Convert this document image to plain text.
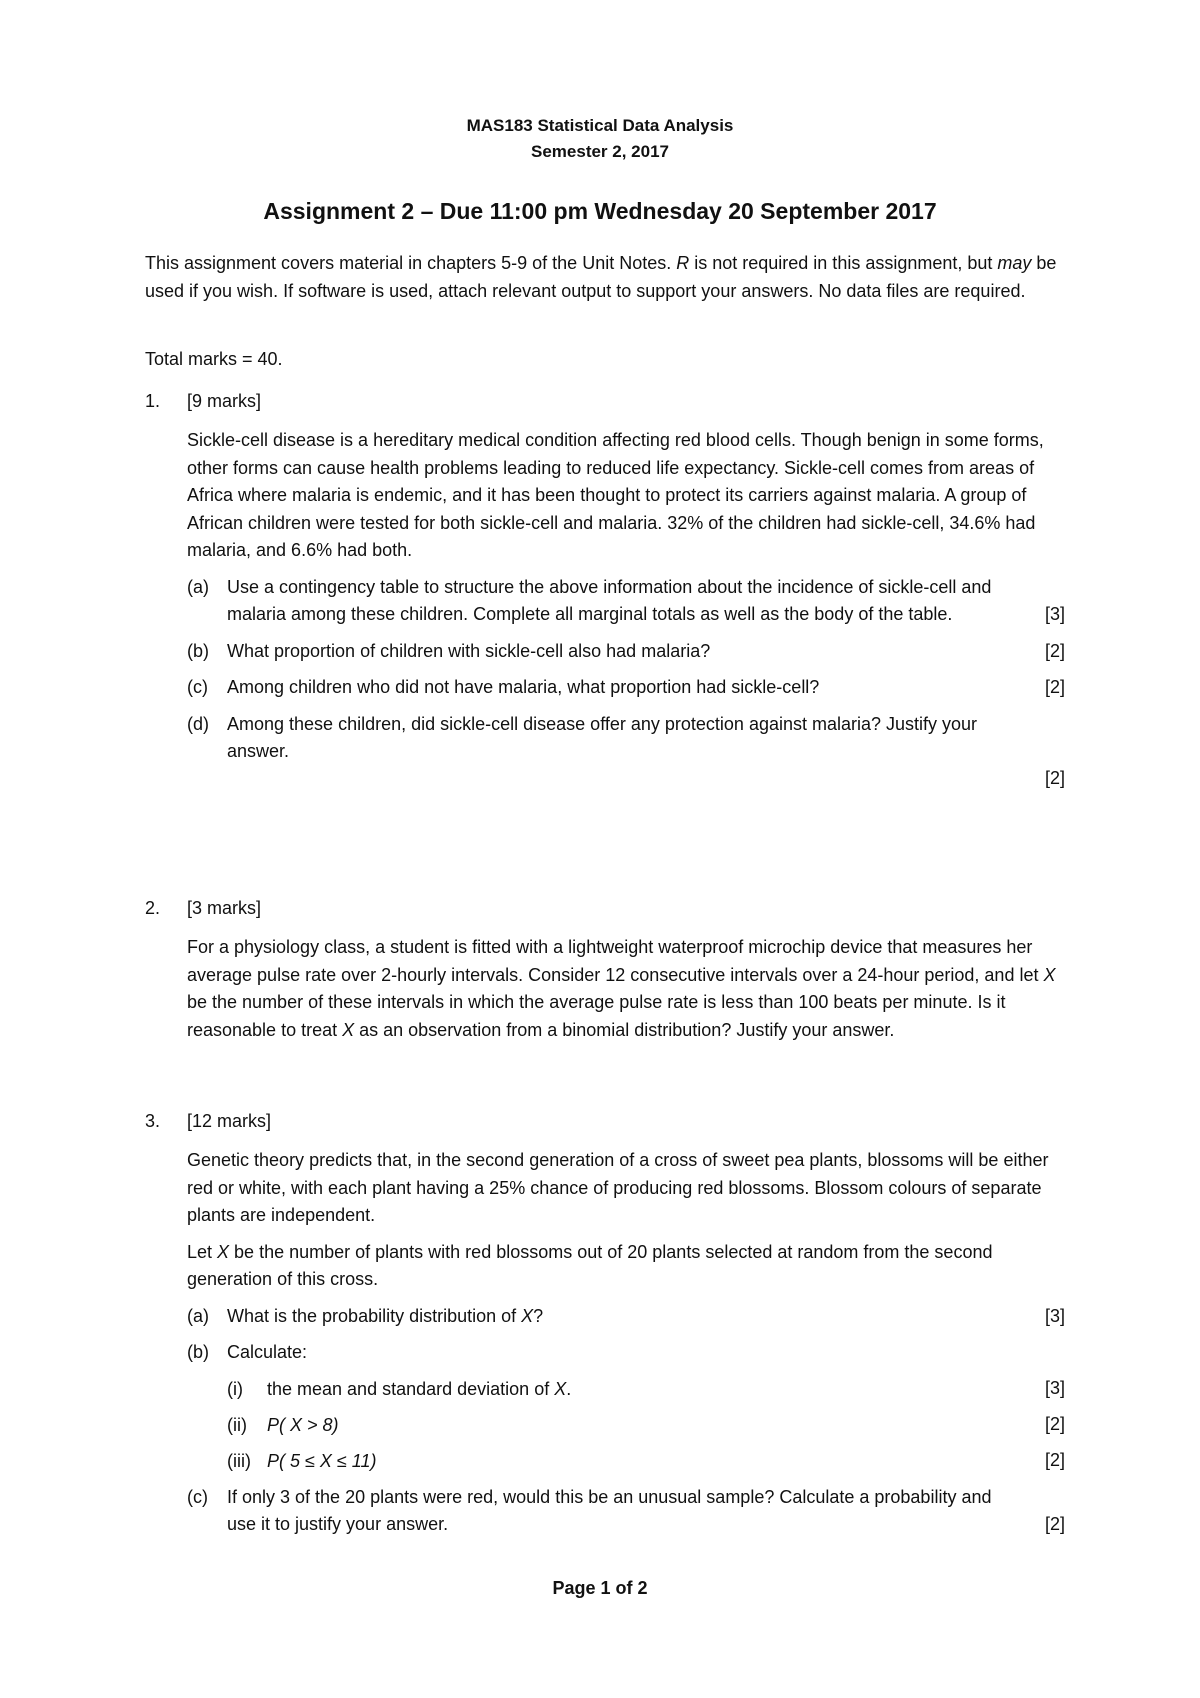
MAS183 Statistical Data Analysis

Semester 2, 2017

Assignment 2 – Due 11:00 pm Wednesday 20 September 2017

This assignment covers material in chapters 5-9 of the Unit Notes. R is not required in this assignment, but may be used if you wish. If software is used, attach relevant output to support your answers. No data files are required.

Total marks = 40.

1.	[9 marks]

Sickle-cell disease is a hereditary medical condition affecting red blood cells. Though benign in some forms, other forms can cause health problems leading to reduced life expectancy. Sickle-cell comes from areas of Africa where malaria is endemic, and it has been thought to protect its carriers against malaria. A group of African children were tested for both sickle-cell and malaria. 32% of the children had sickle-cell, 34.6% had malaria, and 6.6% had both.

(a) Use a contingency table to structure the above information about the incidence of sickle-cell and malaria among these children. Complete all marginal totals as well as the body of the table.	[3]
(b) What proportion of children with sickle-cell also had malaria?	[2]
(c) Among children who did not have malaria, what proportion had sickle-cell?	[2]
(d) Among these children, did sickle-cell disease offer any protection against malaria? Justify your answer.
[2]
2.	[3 marks]

For a physiology class, a student is fitted with a lightweight waterproof microchip device that measures her average pulse rate over 2-hourly intervals. Consider 12 consecutive intervals over a 24-hour period, and let X be the number of these intervals in which the average pulse rate is less than 100 beats per minute. Is it reasonable to treat X as an observation from a binomial distribution? Justify your answer.

3.	[12 marks]

Genetic theory predicts that, in the second generation of a cross of sweet pea plants, blossoms will be either red or white, with each plant having a 25% chance of producing red blossoms. Blossom colours of separate plants are independent.

Let X be the number of plants with red blossoms out of 20 plants selected at random from the second generation of this cross.

(a) What is the probability distribution of X?	[3]
(b) Calculate:
(i) the mean and standard deviation of X.	[3]
(ii) P( X > 8)	[2]
(iii) P( 5 ≤ X ≤ 11)	[2]
(c) If only 3 of the 20 plants were red, would this be an unusual sample? Calculate a probability and use it to justify your answer.	[2]
Page 1 of 2
